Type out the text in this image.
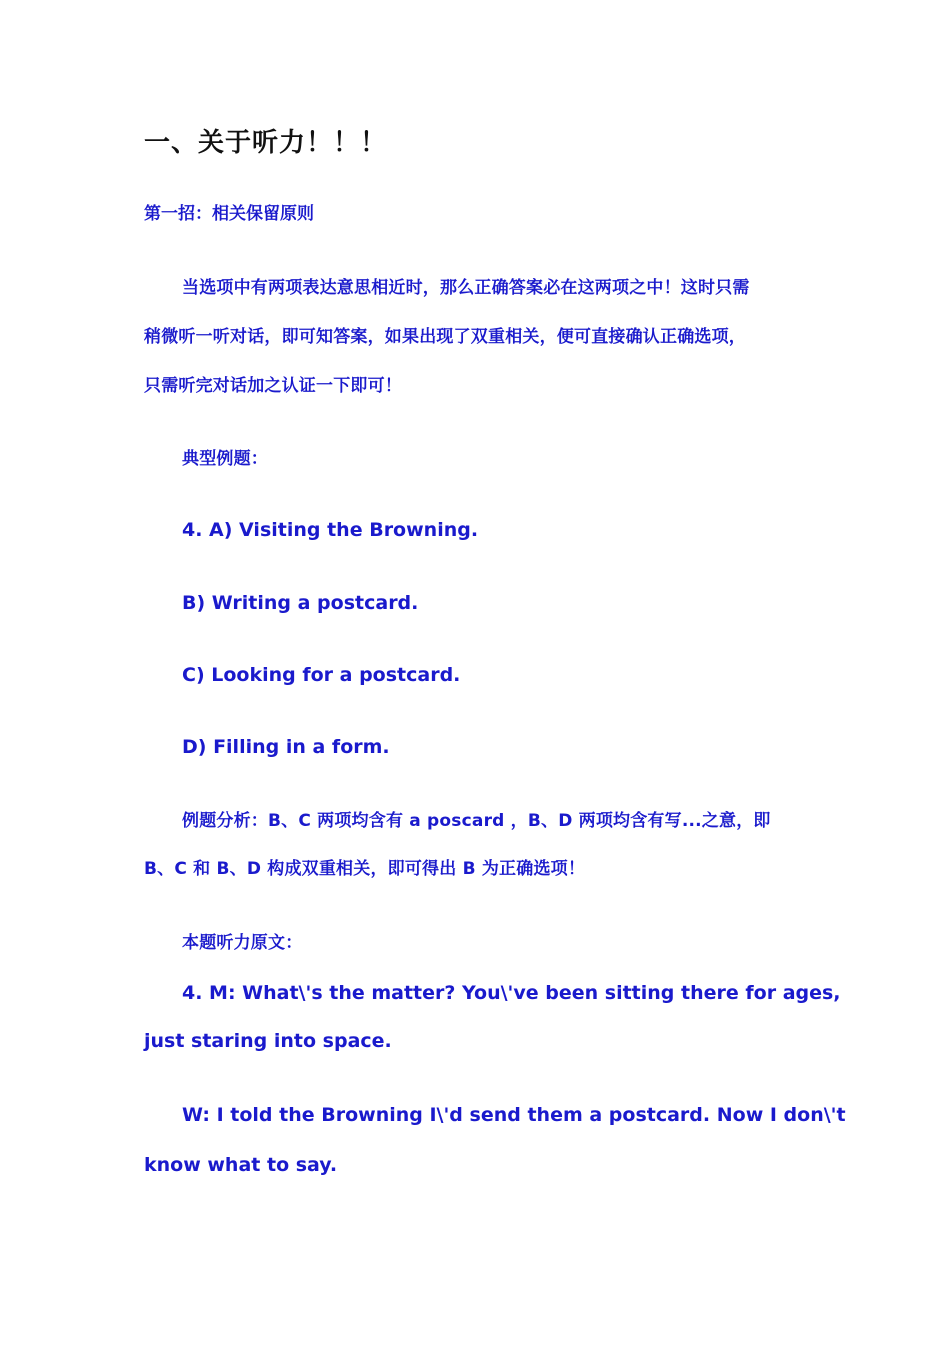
一、关于听力！！！
第一招：相关保留原则
当选项中有两项表达意思相近时，那么正确答案必在这两项之中！这时只需
稍微听一听对话，即可知答案，如果出现了双重相关，便可直接确认正确选项，
只需听完对话加之认证一下即可！
典型例题：
4. A) Visiting the Browning.
B) Writing a postcard.
C) Looking for a postcard.
D) Filling in a form.
例题分析：B、C 两项均含有 a poscard ，B、D 两项均含有写...之意，即
B、C 和 B、D 构成双重相关，即可得出 B 为正确选项！
本题听力原文：
4. M: What\'s the matter? You\'ve been sitting there for ages,
just staring into space.
W: I told the Browning I\'d send them a postcard. Now I don\'t
know what to say.
